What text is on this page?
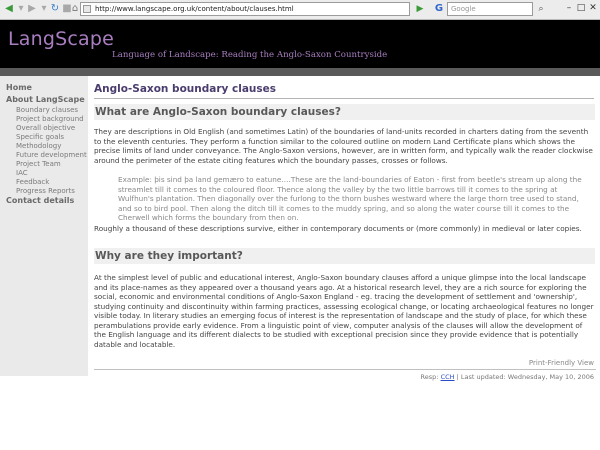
◀ ▾ ▶ ▾ ↻ ■ ⌂	http://www.langscape.org.uk/content/about/clauses.html	▶ G	Google	⌕	– □ ✕
LangScape
Language of Landscape: Reading the Anglo-Saxon Countryside
Home
About LangScape
Boundary clauses
Project background
Overall objective
Specific goals
Methodology
Future development
Project Team
IAC
Feedback
Progress Reports
Contact details
Anglo-Saxon boundary clauses
What are Anglo-Saxon boundary clauses?

They are descriptions in Old English (and sometimes Latin) of the boundaries of land-units recorded in charters dating from the seventh to the eleventh centuries. They perform a function similar to the coloured outline on modern Land Certificate plans which shows the precise limits of land under conveyance. The Anglo-Saxon versions, however, are in written form, and typically walk the reader clockwise around the perimeter of the estate citing features which the boundary passes, crosses or follows.

Example: þis sind þa land gemæro to eatune….These are the land-boundaries of Eaton - first from beetle's stream up along the streamlet till it comes to the coloured floor. Thence along the valley by the two little barrows till it comes to the spring at Wulfhun's plantation. Then diagonally over the furlong to the thorn bushes westward where the large thorn tree used to stand, and so to bird pool. Then along the ditch till it comes to the muddy spring, and so along the water course till it comes to the Cherwell which forms the boundary from then on.

Roughly a thousand of these descriptions survive, either in contemporary documents or (more commonly) in medieval or later copies.

Why are they important?

At the simplest level of public and educational interest, Anglo-Saxon boundary clauses afford a unique glimpse into the local landscape and its place-names as they appeared over a thousand years ago. At a historical research level, they are a rich source for exploring the social, economic and environmental conditions of Anglo-Saxon England - eg. tracing the development of settlement and 'ownership', studying continuity and discontinuity within farming practices, assessing ecological change, or locating archaeological features no longer visible today. In literary studies an emerging focus of interest is the representation of landscape and the study of place, for which these perambulations provide early evidence. From a linguistic point of view, computer analysis of the clauses will allow the development of the English language and its different dialects to be studied with exceptional precision since they provide evidence that is potentially datable and locatable.

Print-Friendly View
Resp: CCH | Last updated: Wednesday, May 10, 2006
